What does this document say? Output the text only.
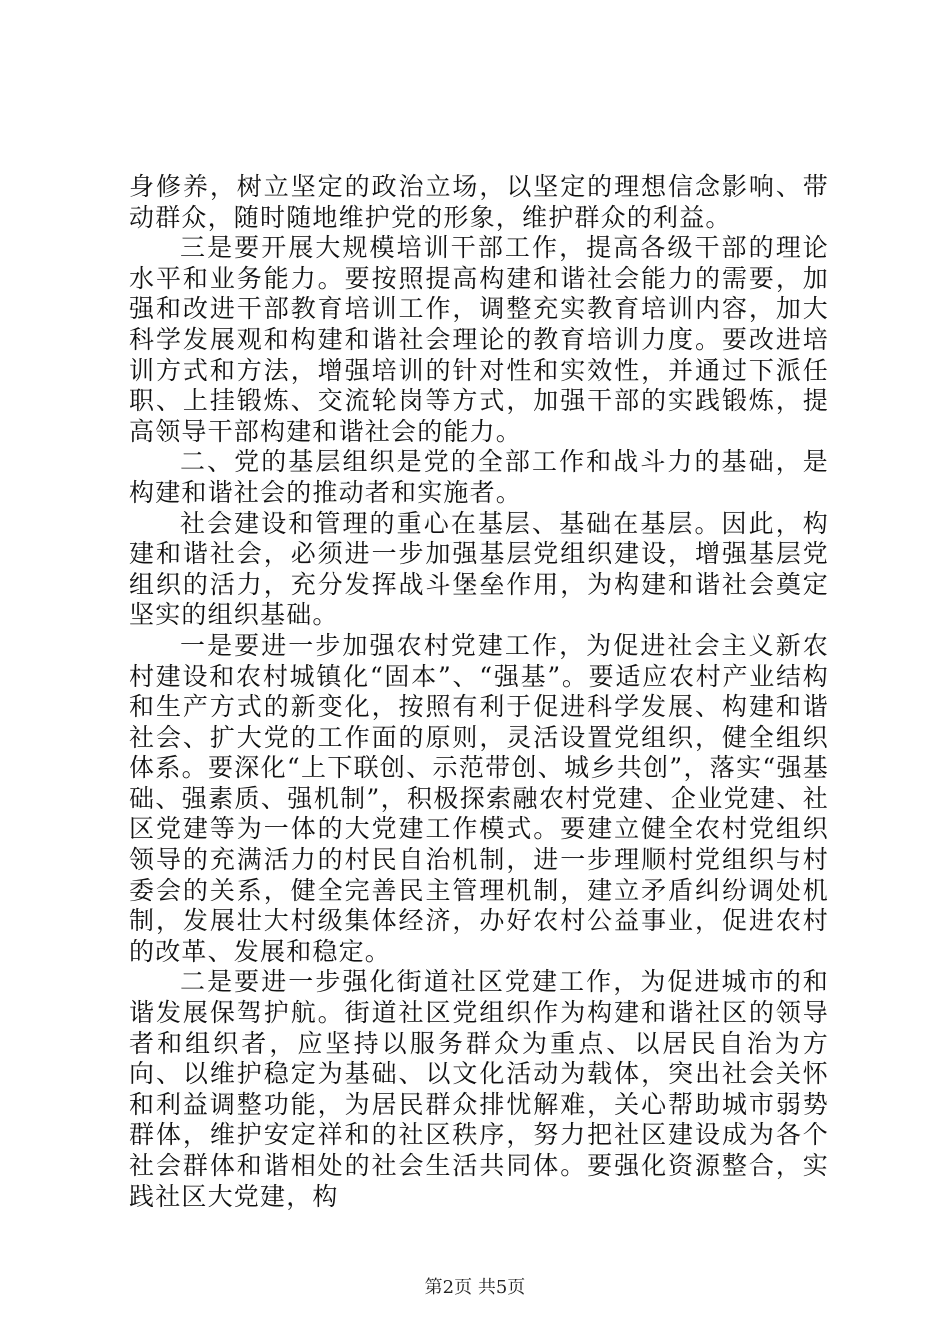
身修养，树立坚定的政治立场，以坚定的理想信念影响、带动群众，随时随地维护党的形象，维护群众的利益。

三是要开展大规模培训干部工作，提高各级干部的理论水平和业务能力。要按照提高构建和谐社会能力的需要，加强和改进干部教育培训工作，调整充实教育培训内容，加大科学发展观和构建和谐社会理论的教育培训力度。要改进培训方式和方法，增强培训的针对性和实效性，并通过下派任职、上挂锻炼、交流轮岗等方式，加强干部的实践锻炼，提高领导干部构建和谐社会的能力。

二、党的基层组织是党的全部工作和战斗力的基础，是构建和谐社会的推动者和实施者。

社会建设和管理的重心在基层、基础在基层。因此，构建和谐社会，必须进一步加强基层党组织建设，增强基层党组织的活力，充分发挥战斗堡垒作用，为构建和谐社会奠定坚实的组织基础。

一是要进一步加强农村党建工作，为促进社会主义新农村建设和农村城镇化“固本”、“强基”。要适应农村产业结构和生产方式的新变化，按照有利于促进科学发展、构建和谐社会、扩大党的工作面的原则，灵活设置党组织，健全组织体系。要深化“上下联创、示范带创、城乡共创”，落实“强基础、强素质、强机制”，积极探索融农村党建、企业党建、社区党建等为一体的大党建工作模式。要建立健全农村党组织领导的充满活力的村民自治机制，进一步理顺村党组织与村委会的关系，健全完善民主管理机制，建立矛盾纠纷调处机制，发展壮大村级集体经济，办好农村公益事业，促进农村的改革、发展和稳定。

二是要进一步强化街道社区党建工作，为促进城市的和谐发展保驾护航。街道社区党组织作为构建和谐社区的领导者和组织者，应坚持以服务群众为重点、以居民自治为方向、以维护稳定为基础、以文化活动为载体，突出社会关怀和利益调整功能，为居民群众排忧解难，关心帮助城市弱势群体，维护安定祥和的社区秩序，努力把社区建设成为各个社会群体和谐相处的社会生活共同体。要强化资源整合，实践社区大党建，构

第2页 共5页
